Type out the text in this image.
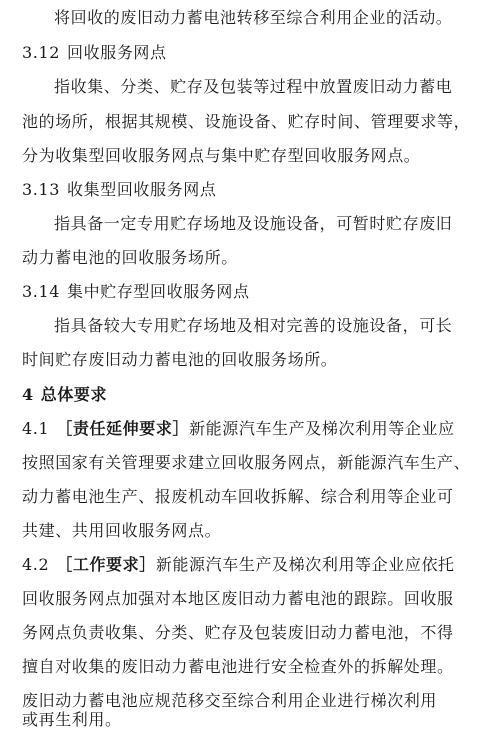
将回收的废旧动力蓄电池转移至综合利用企业的活动。
3.12 回收服务网点
指收集、分类、贮存及包装等过程中放置废旧动力蓄电
池的场所，根据其规模、设施设备、贮存时间、管理要求等，
分为收集型回收服务网点与集中贮存型回收服务网点。
3.13 收集型回收服务网点
指具备一定专用贮存场地及设施设备，可暂时贮存废旧
动力蓄电池的回收服务场所。
3.14 集中贮存型回收服务网点
指具备较大专用贮存场地及相对完善的设施设备，可长
时间贮存废旧动力蓄电池的回收服务场所。
4 总体要求
4.1 ［责任延伸要求］新能源汽车生产及梯次利用等企业应
按照国家有关管理要求建立回收服务网点，新能源汽车生产、
动力蓄电池生产、报废机动车回收拆解、综合利用等企业可
共建、共用回收服务网点。
4.2 ［工作要求］新能源汽车生产及梯次利用等企业应依托
回收服务网点加强对本地区废旧动力蓄电池的跟踪。回收服
务网点负责收集、分类、贮存及包装废旧动力蓄电池，不得
擅自对收集的废旧动力蓄电池进行安全检查外的拆解处理。
废旧动力蓄电池应规范移交至综合利用企业进行梯次利用
或再生利用。
